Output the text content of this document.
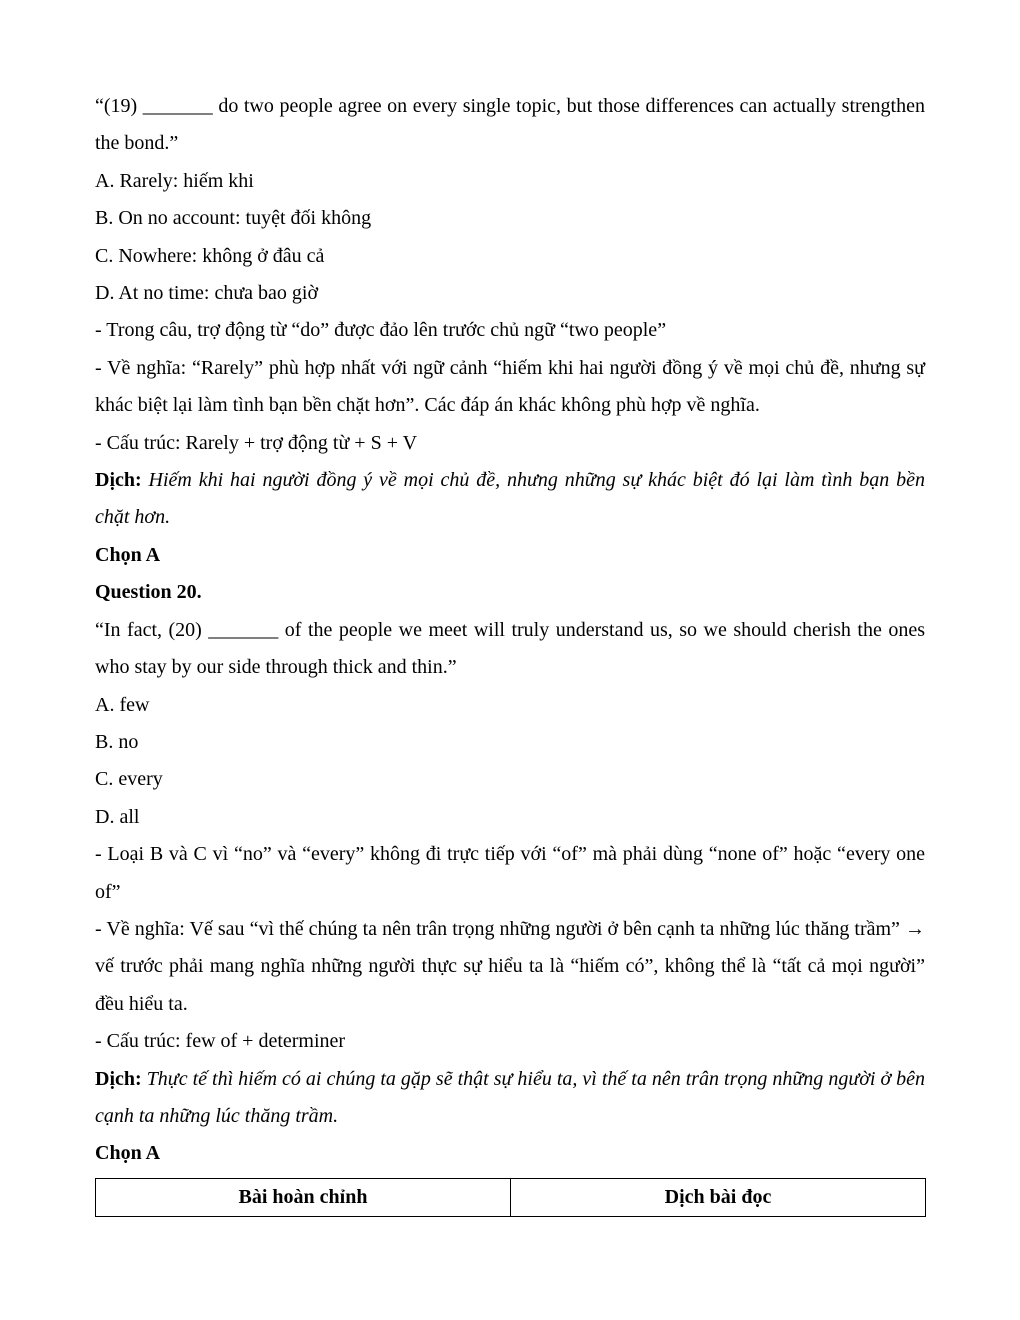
“(19) _______ do two people agree on every single topic, but those differences can actually strengthen the bond.”

A. Rarely: hiếm khi

B. On no account: tuyệt đối không

C. Nowhere: không ở đâu cả

D. At no time: chưa bao giờ

- Trong câu, trợ động từ “do” được đảo lên trước chủ ngữ “two people”

- Về nghĩa: “Rarely” phù hợp nhất với ngữ cảnh “hiếm khi hai người đồng ý về mọi chủ đề, nhưng sự khác biệt lại làm tình bạn bền chặt hơn”. Các đáp án khác không phù hợp về nghĩa.

- Cấu trúc: Rarely + trợ động từ + S + V

Dịch: Hiếm khi hai người đồng ý về mọi chủ đề, nhưng những sự khác biệt đó lại làm tình bạn bền chặt hơn.

Chọn A

Question 20.

“In fact, (20) _______ of the people we meet will truly understand us, so we should cherish the ones who stay by our side through thick and thin.”

A. few

B. no

C. every

D. all

- Loại B và C vì “no” và “every” không đi trực tiếp với “of” mà phải dùng “none of” hoặc “every one of”

- Về nghĩa: Vế sau “vì thế chúng ta nên trân trọng những người ở bên cạnh ta những lúc thăng trầm” → vế trước phải mang nghĩa những người thực sự hiểu ta là “hiếm có”, không thể là “tất cả mọi người” đều hiểu ta.

- Cấu trúc: few of + determiner

Dịch: Thực tế thì hiếm có ai chúng ta gặp sẽ thật sự hiểu ta, vì thế ta nên trân trọng những người ở bên cạnh ta những lúc thăng trầm.

Chọn A

Bài hoàn chỉnh	Dịch bài đọc
